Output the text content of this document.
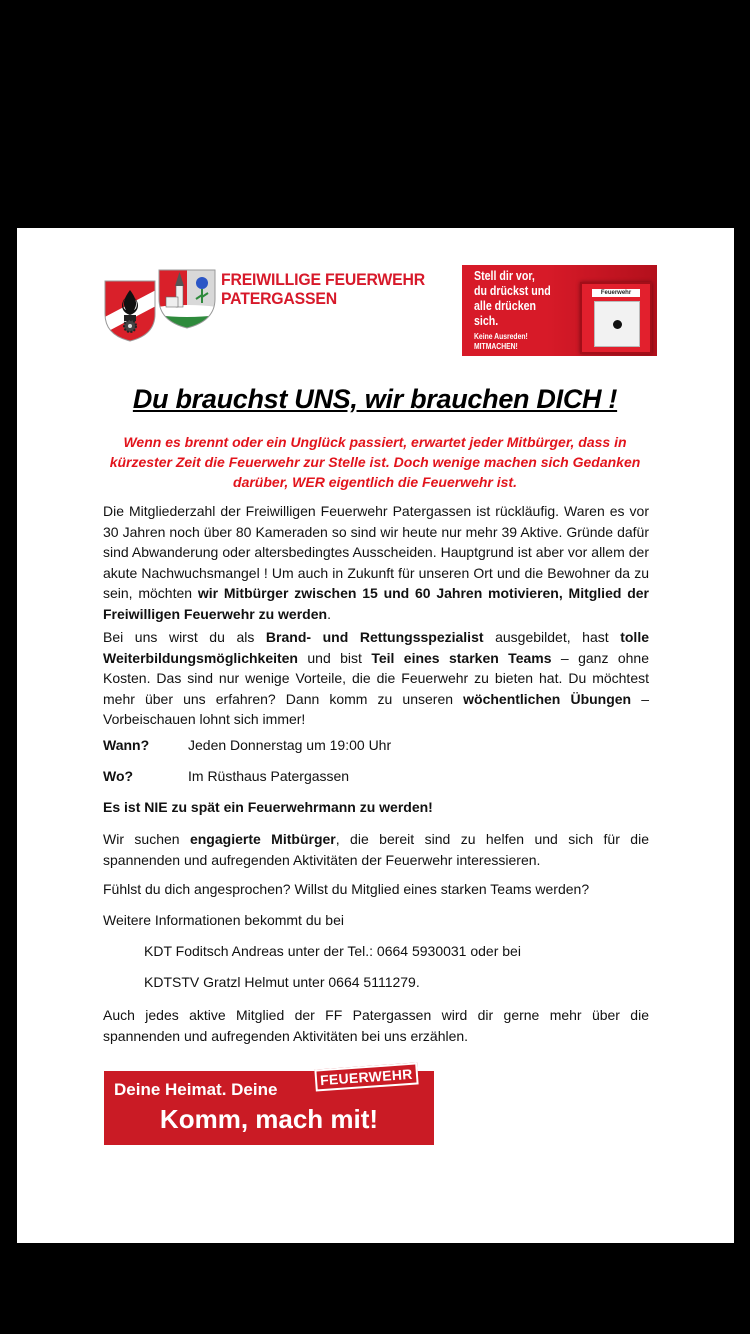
FREIWILLIGE FEUERWEHR
PATERGASSEN
Stell dir vor,
du drückst und
alle drücken
sich.
Keine Ausreden!
MITMACHEN!
Feuerwehr
Du brauchst UNS, wir brauchen DICH !
Wenn es brennt oder ein Unglück passiert, erwartet jeder Mitbürger, dass in kürzester Zeit die Feuerwehr zur Stelle ist. Doch wenige machen sich Gedanken darüber, WER eigentlich die Feuerwehr ist.
Die Mitgliederzahl der Freiwilligen Feuerwehr Patergassen ist rückläufig. Waren es vor 30 Jahren noch über 80 Kameraden so sind wir heute nur mehr 39 Aktive. Gründe dafür sind Abwanderung oder altersbedingtes Ausscheiden. Hauptgrund ist aber vor allem der akute Nachwuchsmangel ! Um auch in Zukunft für unseren Ort und die Bewohner da zu sein, möchten wir Mitbürger zwischen 15 und 60 Jahren motivieren, Mitglied der Freiwilligen Feuerwehr zu werden.
Bei uns wirst du als Brand- und Rettungsspezialist ausgebildet, hast tolle Weiterbildungsmöglichkeiten und bist Teil eines starken Teams – ganz ohne Kosten. Das sind nur wenige Vorteile, die die Feuerwehr zu bieten hat. Du möchtest mehr über uns erfahren? Dann komm zu unseren wöchentlichen Übungen – Vorbeischauen lohnt sich immer!
Wann?	Jeden Donnerstag um 19:00 Uhr
Wo?	Im Rüsthaus Patergassen
Es ist NIE zu spät ein Feuerwehrmann zu werden!
Wir suchen engagierte Mitbürger, die bereit sind zu helfen und sich für die spannenden und aufregenden Aktivitäten der Feuerwehr interessieren.
Fühlst du dich angesprochen? Willst du Mitglied eines starken Teams werden?
Weitere Informationen bekommt du bei
KDT Foditsch Andreas unter der Tel.: 0664 5930031 oder bei
KDTSTV Gratzl Helmut unter 0664 5111279.
Auch jedes aktive Mitglied der FF Patergassen wird dir gerne mehr über die spannenden und aufregenden Aktivitäten bei uns erzählen.
Deine Heimat. Deine
FEUERWEHR
Komm, mach mit!
